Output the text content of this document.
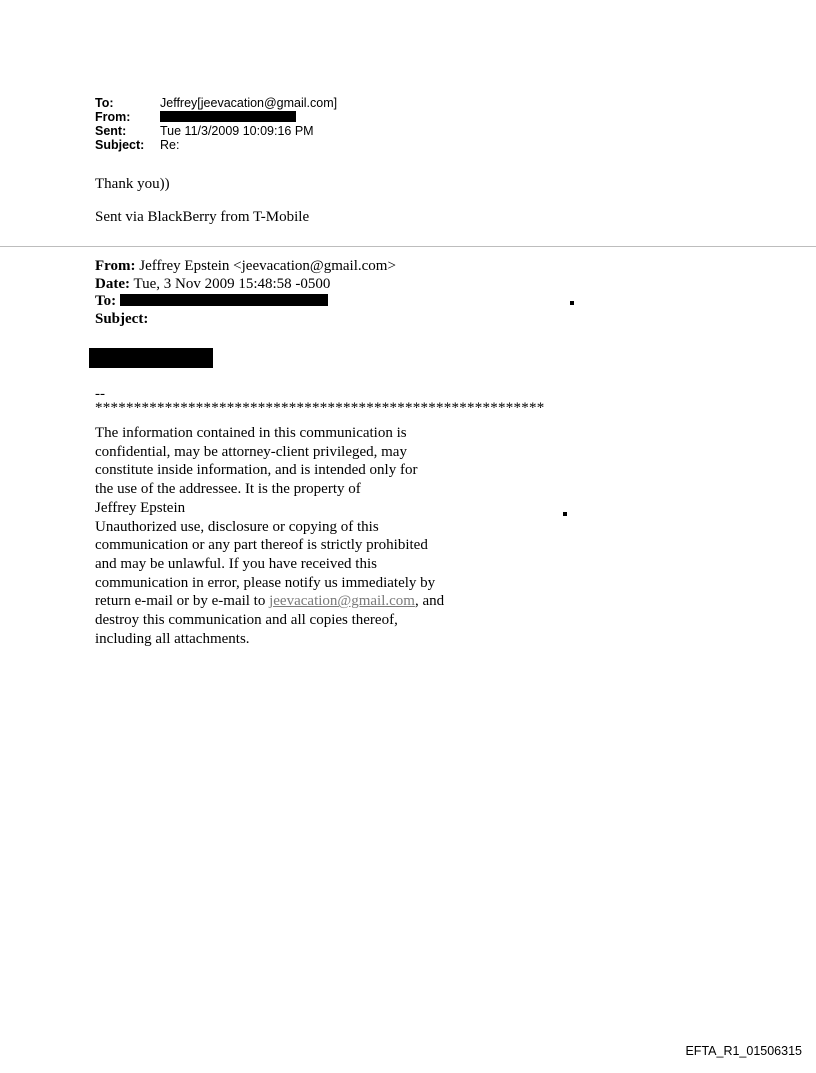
To:	Jeffrey[jeevacation@gmail.com]
From:
Sent:	Tue 11/3/2009 10:09:16 PM
Subject:	Re:
Thank you))
Sent via BlackBerry from T-Mobile
From: Jeffrey Epstein <jeevacation@gmail.com>
Date: Tue, 3 Nov 2009 15:48:58 -0500
To:
Subject:
--
**********************************************************
The information contained in this communication is
confidential, may be attorney-client privileged, may
constitute inside information, and is intended only for
the use of the addressee. It is the property of
Jeffrey Epstein
Unauthorized use, disclosure or copying of this
communication or any part thereof is strictly prohibited
and may be unlawful. If you have received this
communication in error, please notify us immediately by
return e-mail or by e-mail to jeevacation@gmail.com, and
destroy this communication and all copies thereof,
including all attachments.
EFTA_R1_01506315
